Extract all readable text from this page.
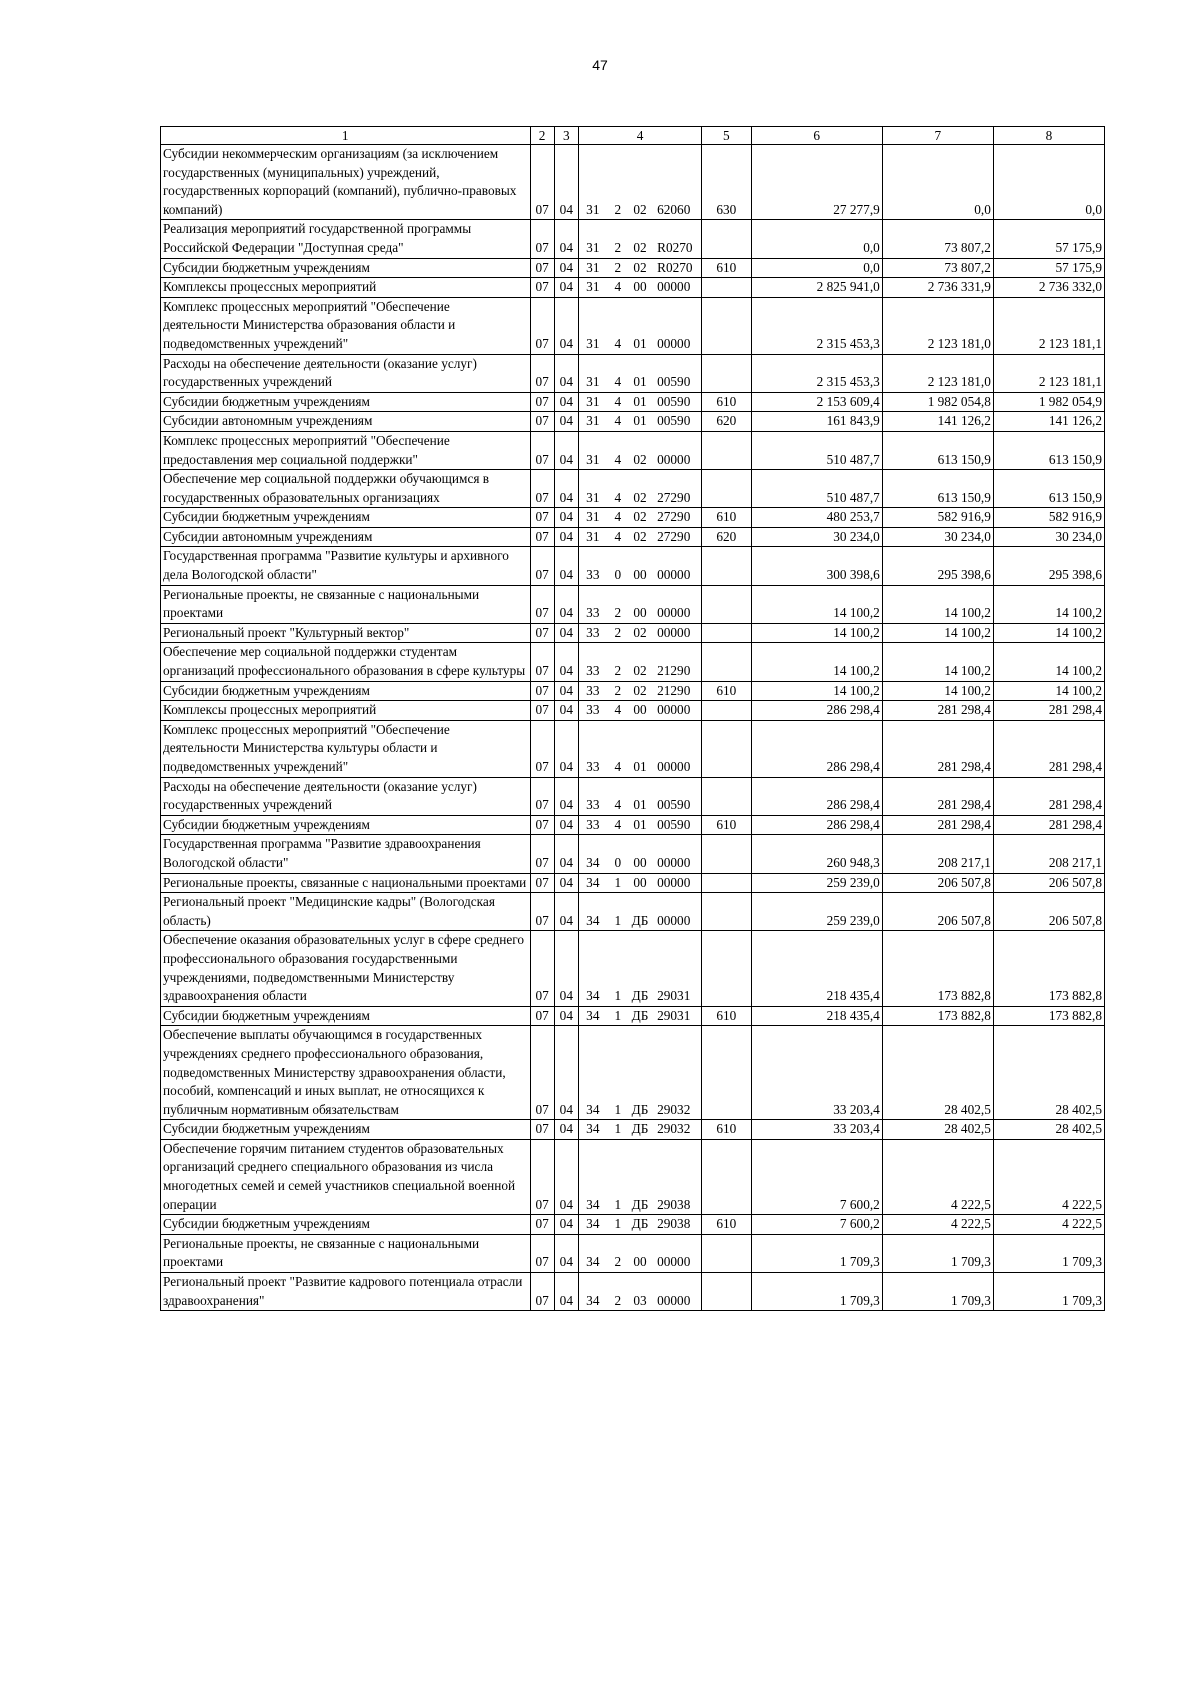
47
1	2	3	4				5	6	7	8
Субсидии некоммерческим организациям (за исключением государственных (муниципальных) учреждений, государственных корпораций (компаний), публично-правовых компаний)	07	04	31	2	02	62060	630	27 277,9	0,0	0,0
Реализация мероприятий государственной программы Российской Федерации "Доступная среда"	07	04	31	2	02	R0270		0,0	73 807,2	57 175,9
Субсидии бюджетным учреждениям	07	04	31	2	02	R0270	610	0,0	73 807,2	57 175,9
Комплексы процессных мероприятий	07	04	31	4	00	00000		2 825 941,0	2 736 331,9	2 736 332,0
Комплекс процессных мероприятий "Обеспечение деятельности Министерства образования области и подведомственных учреждений"	07	04	31	4	01	00000		2 315 453,3	2 123 181,0	2 123 181,1
Расходы на обеспечение деятельности (оказание услуг) государственных учреждений	07	04	31	4	01	00590		2 315 453,3	2 123 181,0	2 123 181,1
Субсидии бюджетным учреждениям	07	04	31	4	01	00590	610	2 153 609,4	1 982 054,8	1 982 054,9
Субсидии автономным учреждениям	07	04	31	4	01	00590	620	161 843,9	141 126,2	141 126,2
Комплекс процессных мероприятий "Обеспечение предоставления мер социальной поддержки"	07	04	31	4	02	00000		510 487,7	613 150,9	613 150,9
Обеспечение мер социальной поддержки обучающимся в государственных образовательных организациях	07	04	31	4	02	27290		510 487,7	613 150,9	613 150,9
Субсидии бюджетным учреждениям	07	04	31	4	02	27290	610	480 253,7	582 916,9	582 916,9
Субсидии автономным учреждениям	07	04	31	4	02	27290	620	30 234,0	30 234,0	30 234,0
Государственная программа "Развитие культуры и архивного дела Вологодской области"	07	04	33	0	00	00000		300 398,6	295 398,6	295 398,6
Региональные проекты, не связанные с национальными проектами	07	04	33	2	00	00000		14 100,2	14 100,2	14 100,2
Региональный проект "Культурный вектор"	07	04	33	2	02	00000		14 100,2	14 100,2	14 100,2
Обеспечение мер социальной поддержки студентам организаций профессионального образования в сфере культуры	07	04	33	2	02	21290		14 100,2	14 100,2	14 100,2
Субсидии бюджетным учреждениям	07	04	33	2	02	21290	610	14 100,2	14 100,2	14 100,2
Комплексы процессных мероприятий	07	04	33	4	00	00000		286 298,4	281 298,4	281 298,4
Комплекс процессных мероприятий "Обеспечение деятельности Министерства культуры области и подведомственных учреждений"	07	04	33	4	01	00000		286 298,4	281 298,4	281 298,4
Расходы на обеспечение деятельности (оказание услуг) государственных учреждений	07	04	33	4	01	00590		286 298,4	281 298,4	281 298,4
Субсидии бюджетным учреждениям	07	04	33	4	01	00590	610	286 298,4	281 298,4	281 298,4
Государственная программа "Развитие здравоохранения Вологодской области"	07	04	34	0	00	00000		260 948,3	208 217,1	208 217,1
Региональные проекты, связанные с национальными проектами	07	04	34	1	00	00000		259 239,0	206 507,8	206 507,8
Региональный проект "Медицинские кадры" (Вологодская область)	07	04	34	1	ДБ	00000		259 239,0	206 507,8	206 507,8
Обеспечение оказания образовательных услуг в сфере среднего профессионального образования государственными учреждениями, подведомственными Министерству здравоохранения области	07	04	34	1	ДБ	29031		218 435,4	173 882,8	173 882,8
Субсидии бюджетным учреждениям	07	04	34	1	ДБ	29031	610	218 435,4	173 882,8	173 882,8
Обеспечение выплаты обучающимся в государственных учреждениях среднего профессионального образования, подведомственных Министерству здравоохранения области, пособий, компенсаций и иных выплат, не относящихся к публичным нормативным обязательствам	07	04	34	1	ДБ	29032		33 203,4	28 402,5	28 402,5
Субсидии бюджетным учреждениям	07	04	34	1	ДБ	29032	610	33 203,4	28 402,5	28 402,5
Обеспечение горячим питанием студентов образовательных организаций среднего специального образования из числа многодетных семей и семей участников специальной военной операции	07	04	34	1	ДБ	29038		7 600,2	4 222,5	4 222,5
Субсидии бюджетным учреждениям	07	04	34	1	ДБ	29038	610	7 600,2	4 222,5	4 222,5
Региональные проекты, не связанные с национальными проектами	07	04	34	2	00	00000		1 709,3	1 709,3	1 709,3
Региональный проект "Развитие кадрового потенциала отрасли здравоохранения"	07	04	34	2	03	00000		1 709,3	1 709,3	1 709,3
